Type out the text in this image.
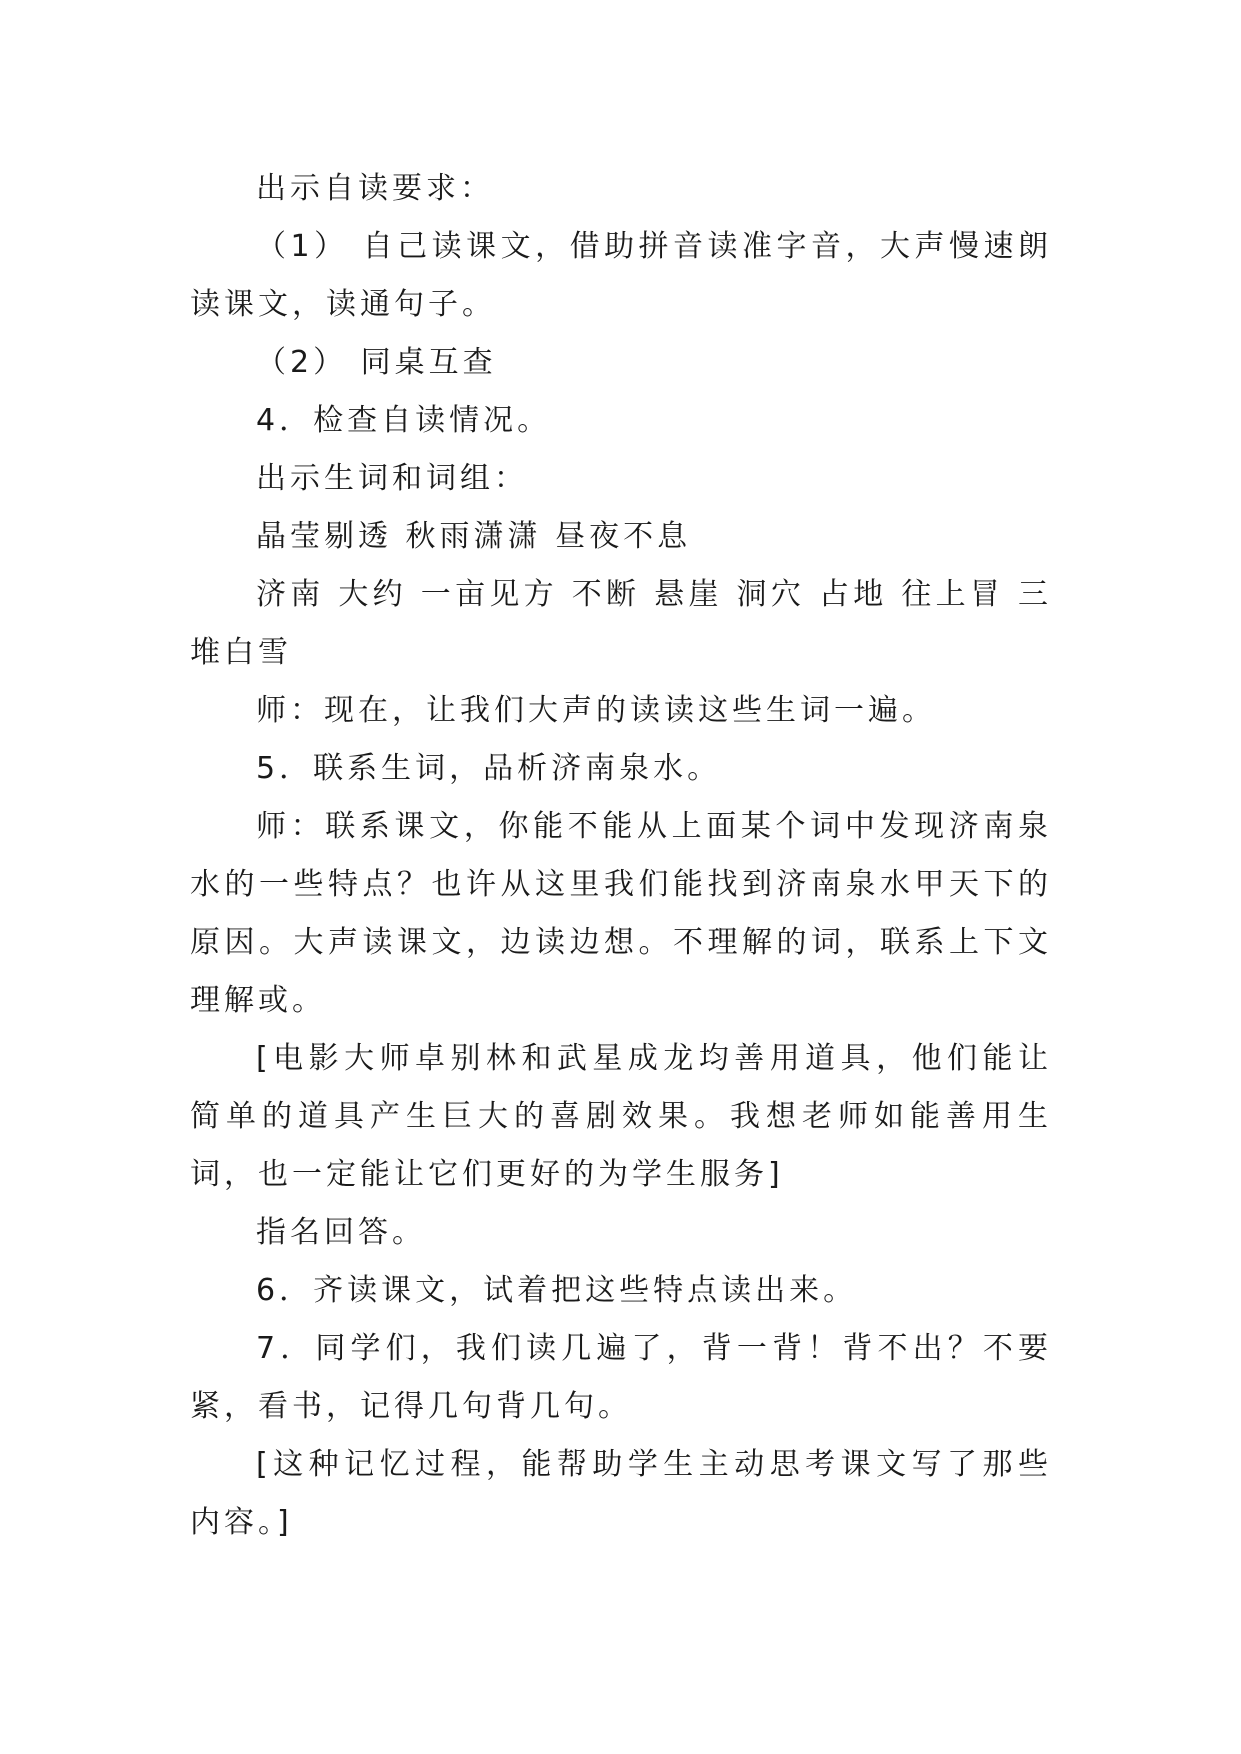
出示自读要求：

（1） 自己读课文，借助拼音读准字音，大声慢速朗读课文，读通句子。

（2） 同桌互查

4．检查自读情况。

出示生词和词组：

晶莹剔透 秋雨潇潇 昼夜不息

济南 大约 一亩见方 不断 悬崖 洞穴 占地 往上冒 三堆白雪

师：现在，让我们大声的读读这些生词一遍。

5．联系生词，品析济南泉水。

师：联系课文，你能不能从上面某个词中发现济南泉水的一些特点？也许从这里我们能找到济南泉水甲天下的原因。大声读课文，边读边想。不理解的词，联系上下文理解或。

[电影大师卓别林和武星成龙均善用道具，他们能让简单的道具产生巨大的喜剧效果。我想老师如能善用生词，也一定能让它们更好的为学生服务]

指名回答。

6．齐读课文，试着把这些特点读出来。

7．同学们，我们读几遍了，背一背！背不出？不要紧，看书，记得几句背几句。

[这种记忆过程，能帮助学生主动思考课文写了那些内容。]
